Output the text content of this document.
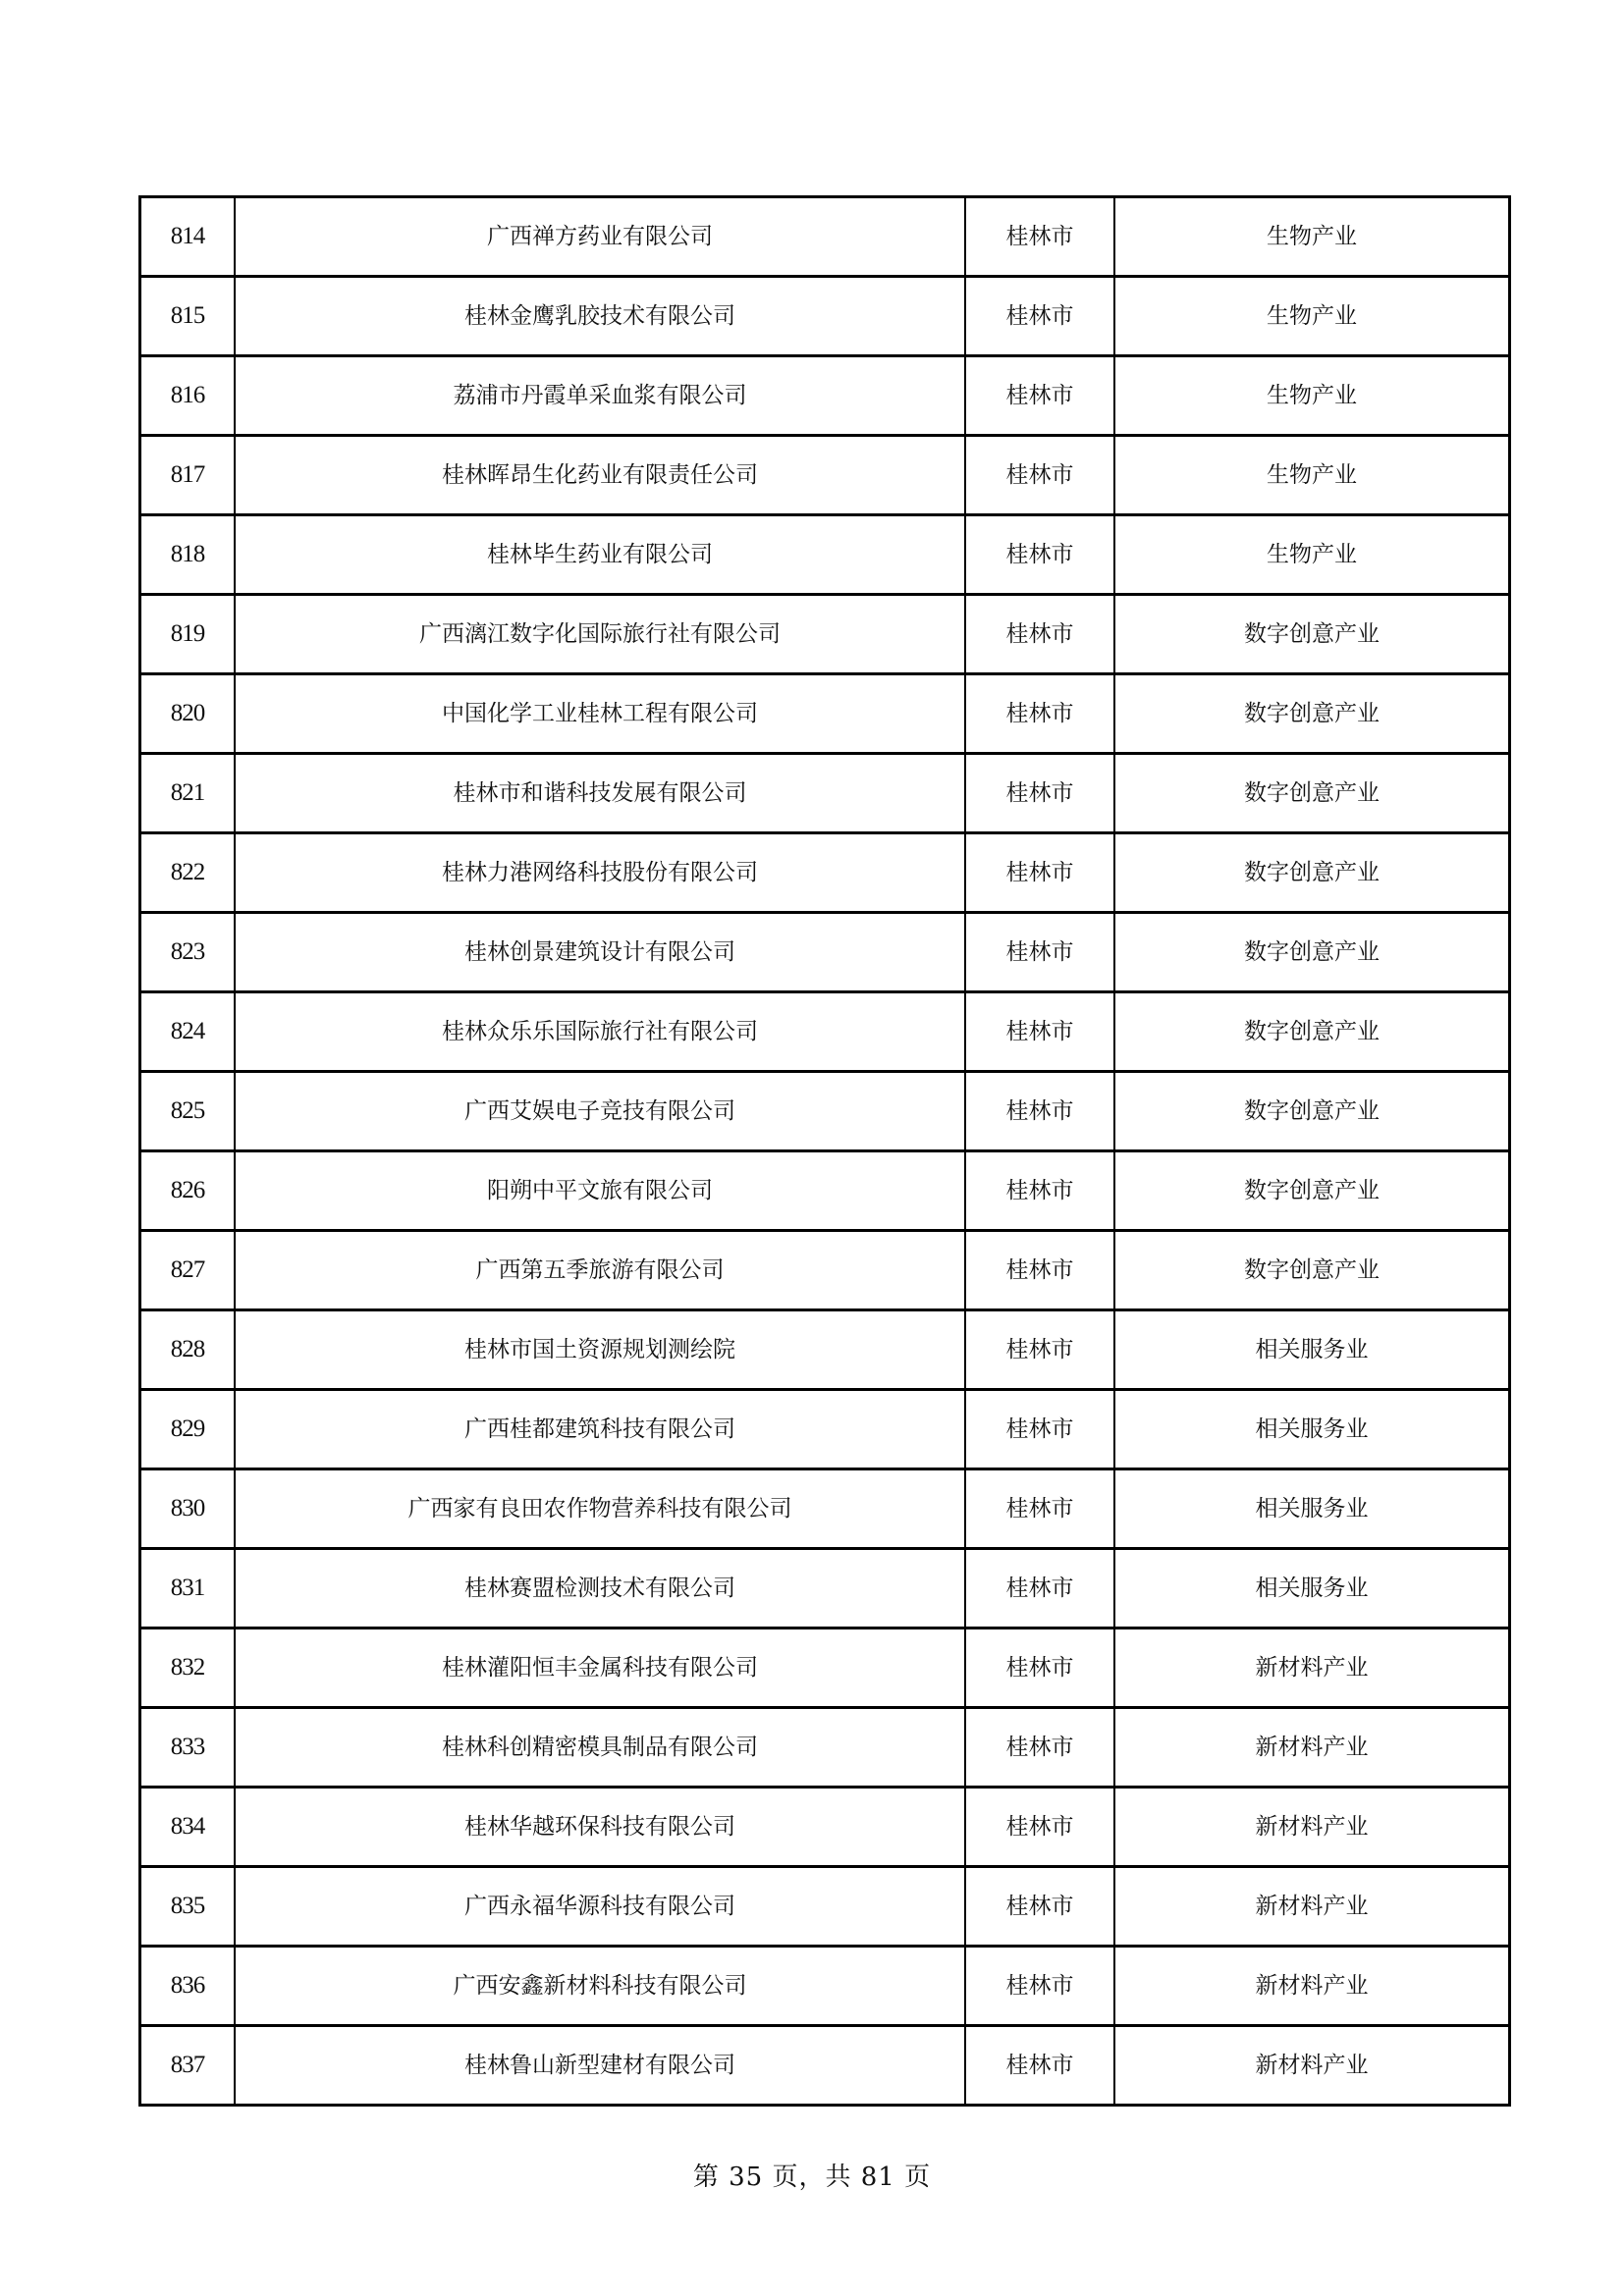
814	广西禅方药业有限公司	桂林市	生物产业
815	桂林金鹰乳胶技术有限公司	桂林市	生物产业
816	荔浦市丹霞单采血浆有限公司	桂林市	生物产业
817	桂林晖昂生化药业有限责任公司	桂林市	生物产业
818	桂林毕生药业有限公司	桂林市	生物产业
819	广西漓江数字化国际旅行社有限公司	桂林市	数字创意产业
820	中国化学工业桂林工程有限公司	桂林市	数字创意产业
821	桂林市和谐科技发展有限公司	桂林市	数字创意产业
822	桂林力港网络科技股份有限公司	桂林市	数字创意产业
823	桂林创景建筑设计有限公司	桂林市	数字创意产业
824	桂林众乐乐国际旅行社有限公司	桂林市	数字创意产业
825	广西艾娱电子竞技有限公司	桂林市	数字创意产业
826	阳朔中平文旅有限公司	桂林市	数字创意产业
827	广西第五季旅游有限公司	桂林市	数字创意产业
828	桂林市国土资源规划测绘院	桂林市	相关服务业
829	广西桂都建筑科技有限公司	桂林市	相关服务业
830	广西家有良田农作物营养科技有限公司	桂林市	相关服务业
831	桂林赛盟检测技术有限公司	桂林市	相关服务业
832	桂林灌阳恒丰金属科技有限公司	桂林市	新材料产业
833	桂林科创精密模具制品有限公司	桂林市	新材料产业
834	桂林华越环保科技有限公司	桂林市	新材料产业
835	广西永福华源科技有限公司	桂林市	新材料产业
836	广西安鑫新材料科技有限公司	桂林市	新材料产业
837	桂林鲁山新型建材有限公司	桂林市	新材料产业
第 35 页，共 81 页
